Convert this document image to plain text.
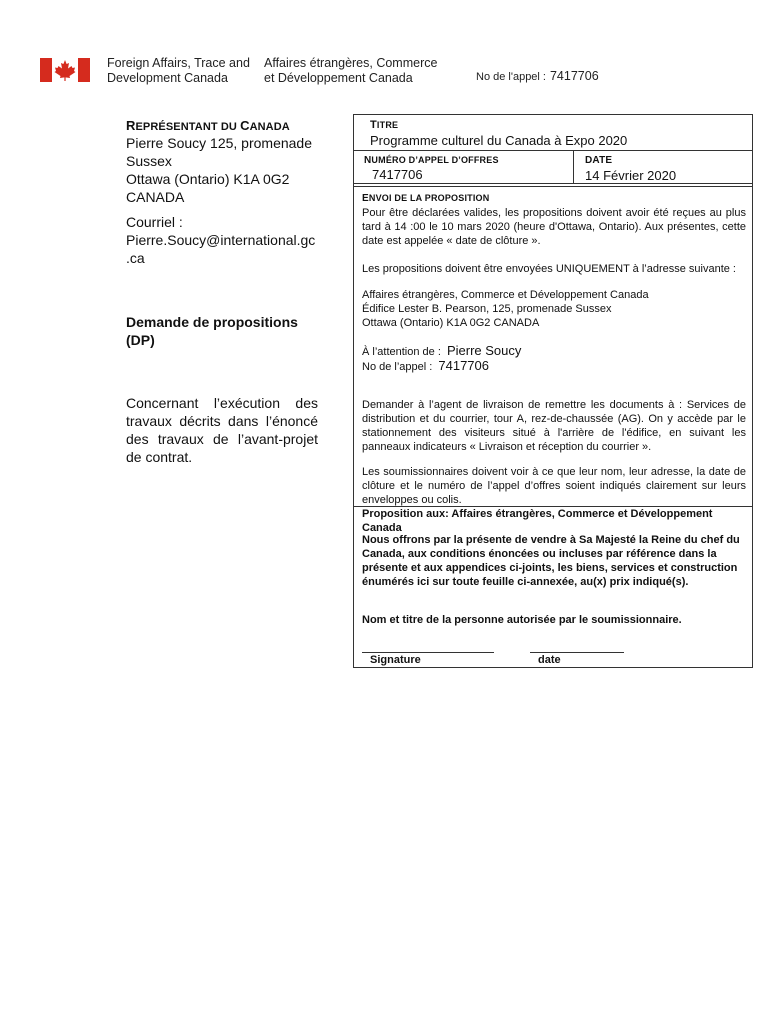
Foreign Affairs, Trace and
Development Canada
Affaires étrangères, Commerce
et Développement Canada	No de l'appel : 7417706
REPRÉSENTANT DU CANADA
Pierre Soucy 125, promenade
Sussex
Ottawa (Ontario) K1A 0G2
CANADA
Courriel :
Pierre.Soucy@international.gc
.ca
Demande de propositions
(DP)
Concernant l’exécution des travaux décrits dans l’énoncé des travaux de l’avant-projet de contrat.
TITRE
Programme culturel du Canada à Expo 2020
NUMÉRO D’APPEL D’OFFRES
7417706
DATE
14 Février 2020
ENVOI DE LA PROPOSITION
Pour être déclarées valides, les propositions doivent avoir été reçues au plus tard à 14 :00 le 10 mars 2020 (heure d'Ottawa, Ontario). Aux présentes, cette date est appelée « date de clôture ».
Les propositions doivent être envoyées UNIQUEMENT à l’adresse suivante :
Affaires étrangères, Commerce et Développement Canada
Édifice Lester B. Pearson, 125, promenade Sussex
Ottawa (Ontario) K1A 0G2 CANADA
À l’attention de : Pierre Soucy
No de l’appel : 7417706
Demander à l’agent de livraison de remettre les documents à : Services de distribution et du courrier, tour A, rez-de-chaussée (AG). On y accède par le stationnement des visiteurs situé à l'arrière de l'édifice, en suivant les panneaux indicateurs « Livraison et réception du courrier ».
Les soumissionnaires doivent voir à ce que leur nom, leur adresse, la date de clôture et le numéro de l’appel d’offres soient indiqués clairement sur leurs enveloppes ou colis.
Proposition aux: Affaires étrangères, Commerce et Développement Canada
Nous offrons par la présente de vendre à Sa Majesté la Reine du chef du Canada, aux conditions énoncées ou incluses par référence dans la présente et aux appendices ci-joints, les biens, services et construction énumérés ici sur toute feuille ci-annexée, au(x) prix indiqué(s).
Nom et titre de la personne autorisée par le soumissionnaire.
Signature	date
